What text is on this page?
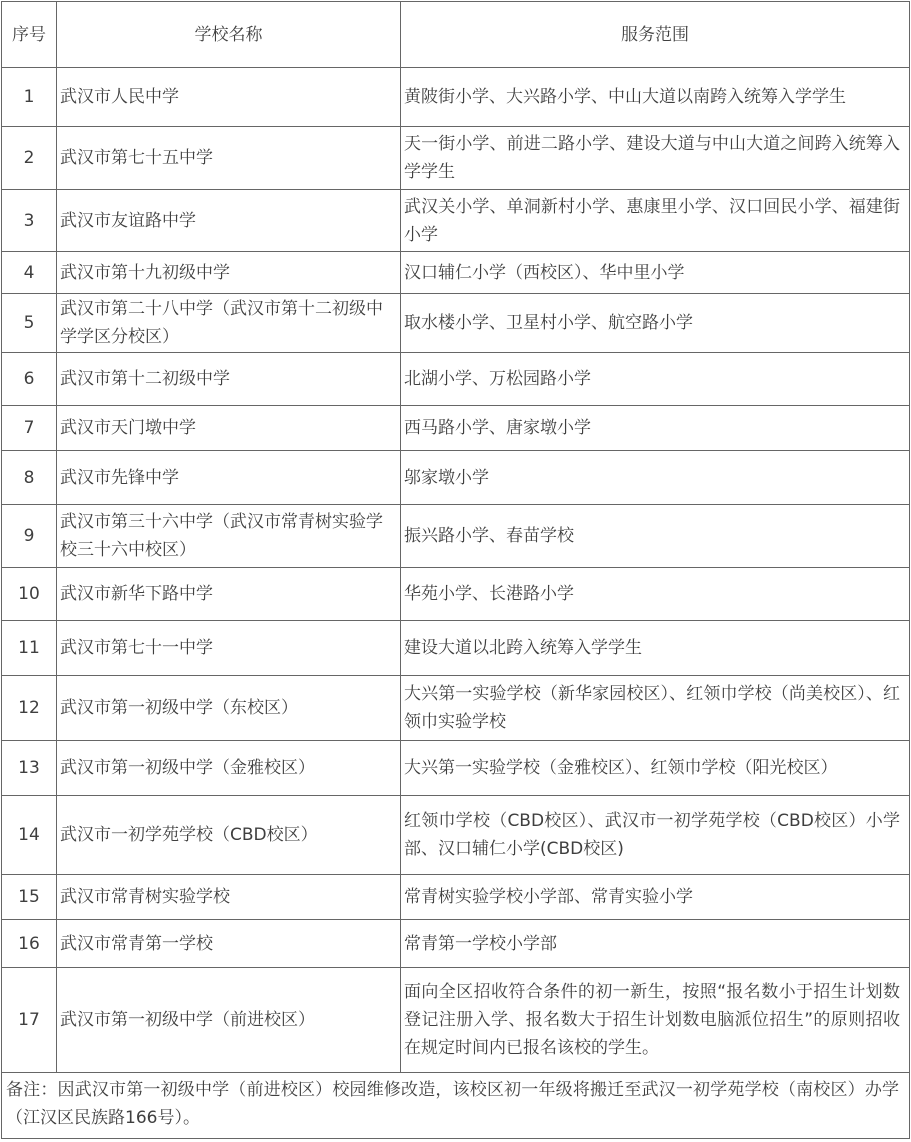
序号	学校名称	服务范围
1	武汉市人民中学	黄陂街小学、大兴路小学、中山大道以南跨入统筹入学学生
2	武汉市第七十五中学	天一街小学、前进二路小学、建设大道与中山大道之间跨入统筹入学学生
3	武汉市友谊路中学	武汉关小学、单洞新村小学、惠康里小学、汉口回民小学、福建街小学
4	武汉市第十九初级中学	汉口辅仁小学（西校区）、华中里小学
5	武汉市第二十八中学（武汉市第十二初级中学学区分校区）	取水楼小学、卫星村小学、航空路小学
6	武汉市第十二初级中学	北湖小学、万松园路小学
7	武汉市天门墩中学	西马路小学、唐家墩小学
8	武汉市先锋中学	邬家墩小学
9	武汉市第三十六中学（武汉市常青树实验学校三十六中校区）	振兴路小学、春苗学校
10	武汉市新华下路中学	华苑小学、长港路小学
11	武汉市第七十一中学	建设大道以北跨入统筹入学学生
12	武汉市第一初级中学（东校区）	大兴第一实验学校（新华家园校区）、红领巾学校（尚美校区）、红领巾实验学校
13	武汉市第一初级中学（金雅校区）	大兴第一实验学校（金雅校区）、红领巾学校（阳光校区）
14	武汉市一初学苑学校（CBD校区）	红领巾学校（CBD校区）、武汉市一初学苑学校（CBD校区）小学部、汉口辅仁小学(CBD校区)
15	武汉市常青树实验学校	常青树实验学校小学部、常青实验小学
16	武汉市常青第一学校	常青第一学校小学部
17	武汉市第一初级中学（前进校区）	面向全区招收符合条件的初一新生，按照“报名数小于招生计划数登记注册入学、报名数大于招生计划数电脑派位招生”的原则招收在规定时间内已报名该校的学生。
备注：因武汉市第一初级中学（前进校区）校园维修改造，该校区初一年级将搬迁至武汉一初学苑学校（南校区）办学（江汉区民族路166号）。		
